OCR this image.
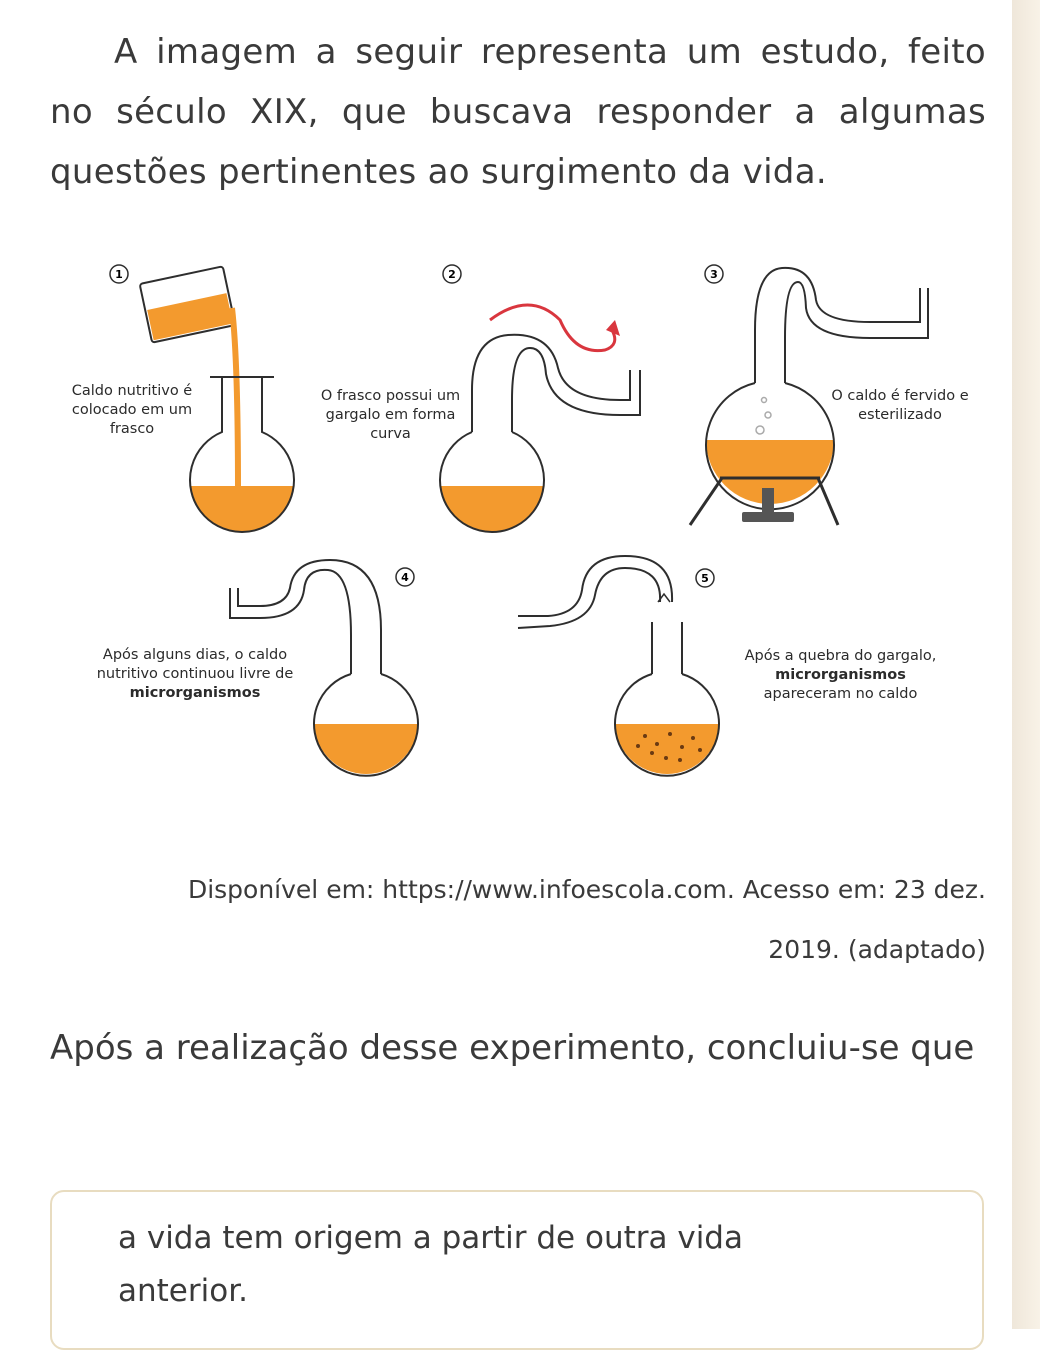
A imagem a seguir representa um estudo, feito no século XIX, que buscava responder a algumas questões pertinentes ao surgimento da vida.

1	2	3
4	5
Caldo nutritivo é colocado em um frasco
O frasco possui um gargalo em forma curva
O caldo é fervido e esterilizado
Após alguns dias, o caldo nutritivo continuou livre de
microrganismos
Após a quebra do gargalo,
microrganismos
apareceram no caldo
Disponível em: https://www.infoescola.com. Acesso em: 23 dez.
2019. (adaptado)

Após a realização desse experimento, concluiu-se que

a vida tem origem a partir de outra vida anterior.
